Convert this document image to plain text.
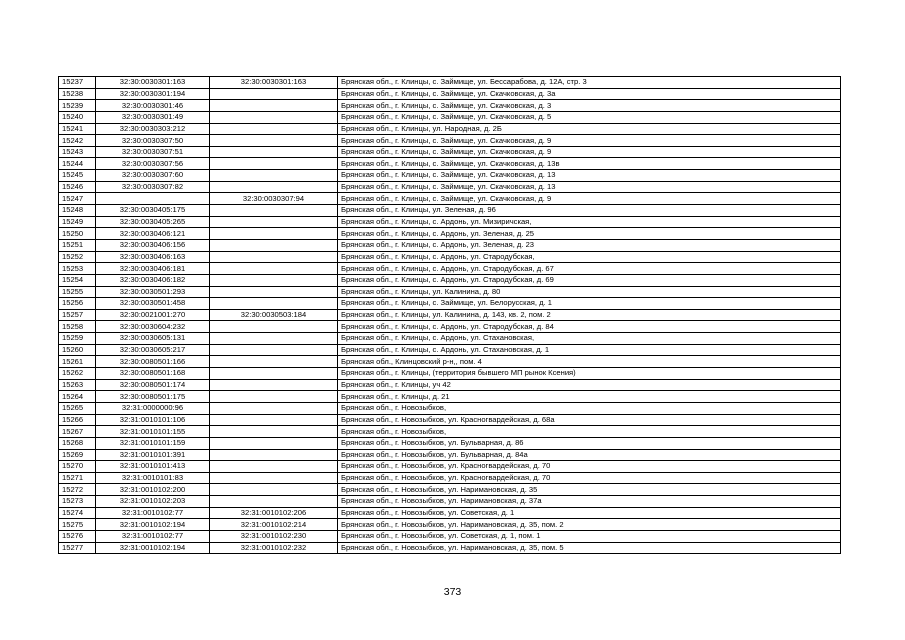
15237	32:30:0030301:163	32:30:0030301:163	Брянская обл., г. Клинцы, с. Займище, ул. Бессарабова, д. 12А, стр. 3
15238	32:30:0030301:194		Брянская обл., г. Клинцы, с. Займище, ул. Скачковская, д. 3а
15239	32:30:0030301:46		Брянская обл., г. Клинцы, с. Займище, ул. Скачковская, д. 3
15240	32:30:0030301:49		Брянская обл., г. Клинцы, с. Займище, ул. Скачковская, д. 5
15241	32:30:0030303:212		Брянская обл., г. Клинцы, ул. Народная, д. 2Б
15242	32:30:0030307:50		Брянская обл., г. Клинцы, с. Займище, ул. Скачковская, д. 9
15243	32:30:0030307:51		Брянская обл., г. Клинцы, с. Займище, ул. Скачковская, д. 9
15244	32:30:0030307:56		Брянская обл., г. Клинцы, с. Займище, ул. Скачковская, д. 13в
15245	32:30:0030307:60		Брянская обл., г. Клинцы, с. Займище, ул. Скачковская, д. 13
15246	32:30:0030307:82		Брянская обл., г. Клинцы, с. Займище, ул. Скачковская, д. 13
15247		32:30:0030307:94	Брянская обл., г. Клинцы, с. Займище, ул. Скачковская, д. 9
15248	32:30:0030405:175		Брянская обл., г. Клинцы, ул. Зеленая, д. 96
15249	32:30:0030405:265		Брянская обл., г. Клинцы, с. Ардонь, ул. Мизиричская,
15250	32:30:0030406:121		Брянская обл., г. Клинцы, с. Ардонь, ул. Зеленая, д. 25
15251	32:30:0030406:156		Брянская обл., г. Клинцы, с. Ардонь, ул. Зеленая, д. 23
15252	32:30:0030406:163		Брянская обл., г. Клинцы, с. Ардонь, ул. Стародубская,
15253	32:30:0030406:181		Брянская обл., г. Клинцы, с. Ардонь, ул. Стародубская, д. 67
15254	32:30:0030406:182		Брянская обл., г. Клинцы, с. Ардонь, ул. Стародубская, д. 69
15255	32:30:0030501:293		Брянская обл., г. Клинцы, ул. Калинина, д. 80
15256	32:30:0030501:458		Брянская обл., г. Клинцы, с. Займище, ул. Белорусская, д. 1
15257	32:30:0021001:270	32:30:0030503:184	Брянская обл., г. Клинцы, ул. Калинина, д. 143, кв. 2, пом. 2
15258	32:30:0030604:232		Брянская обл., г. Клинцы, с. Ардонь, ул. Стародубская, д. 84
15259	32:30:0030605:131		Брянская обл., г. Клинцы, с. Ардонь, ул. Стахановская,
15260	32:30:0030605:217		Брянская обл., г. Клинцы, с. Ардонь, ул. Стахановская, д. 1
15261	32:30:0080501:166		Брянская обл., Клинцовский р-н,, пом. 4
15262	32:30:0080501:168		Брянская обл., г. Клинцы, (территория бывшего МП рынок Ксения)
15263	32:30:0080501:174		Брянская обл., г. Клинцы, уч 42
15264	32:30:0080501:175		Брянская обл., г. Клинцы, д. 21
15265	32:31:0000000:96		Брянская обл., г. Новозыбков,
15266	32:31:0010101:106		Брянская обл., г. Новозыбков, ул. Красногвардейская, д. 68а
15267	32:31:0010101:155		Брянская обл., г. Новозыбков,
15268	32:31:0010101:159		Брянская обл., г. Новозыбков, ул. Бульварная, д. 86
15269	32:31:0010101:391		Брянская обл., г. Новозыбков, ул. Бульварная, д. 84а
15270	32:31:0010101:413		Брянская обл., г. Новозыбков, ул. Красногвардейская, д. 70
15271	32:31:0010101:83		Брянская обл., г. Новозыбков, ул. Красногвардейская, д. 70
15272	32:31:0010102:200		Брянская обл., г. Новозыбков, ул. Наримановская, д. 35
15273	32:31:0010102:203		Брянская обл., г. Новозыбков, ул. Наримановская, д. 37а
15274	32:31:0010102:77	32:31:0010102:206	Брянская обл., г. Новозыбков, ул. Советская, д. 1
15275	32:31:0010102:194	32:31:0010102:214	Брянская обл., г. Новозыбков, ул. Наримановская, д. 35, пом. 2
15276	32:31:0010102:77	32:31:0010102:230	Брянская обл., г. Новозыбков, ул. Советская, д. 1, пом. 1
15277	32:31:0010102:194	32:31:0010102:232	Брянская обл., г. Новозыбков, ул. Наримановская, д. 35, пом. 5
373
